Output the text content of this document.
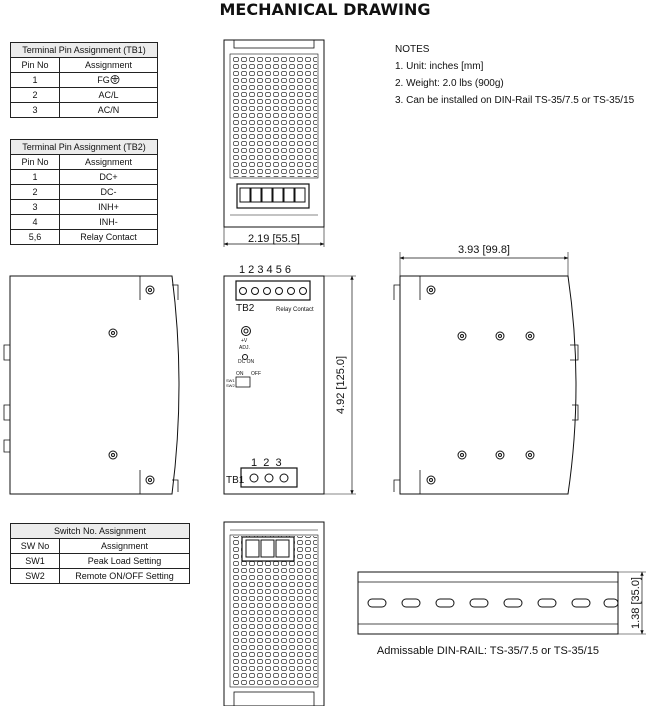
MECHANICAL DRAWING
Terminal Pin Assignment (TB1)	
Pin No	Assignment
1	FG
2	AC/L
3	AC/N
Terminal Pin Assignment (TB2)	
Pin No	Assignment
1	DC+
2	DC-
3	INH+
4	INH-
5,6	Relay Contact
Switch No. Assignment	
SW No	Assignment
SW1	Peak Load Setting
SW2	Remote ON/OFF Setting
NOTES
1. Unit: inches [mm]
2. Weight: 2.0 lbs (900g)
3. Can be installed on DIN-Rail TS-35/7.5 or TS-35/15
2.19 [55.5]
1 2 3 4 5 6
TB2	Relay Contact
+V
ADJ.
DC ON
ON OFF
SW1
SW2
1  2  3
TB1
4.92 [125.0]
3.93 [99.8]
1.38 [35.0]
Admissable DIN-RAIL: TS-35/7.5 or TS-35/15
